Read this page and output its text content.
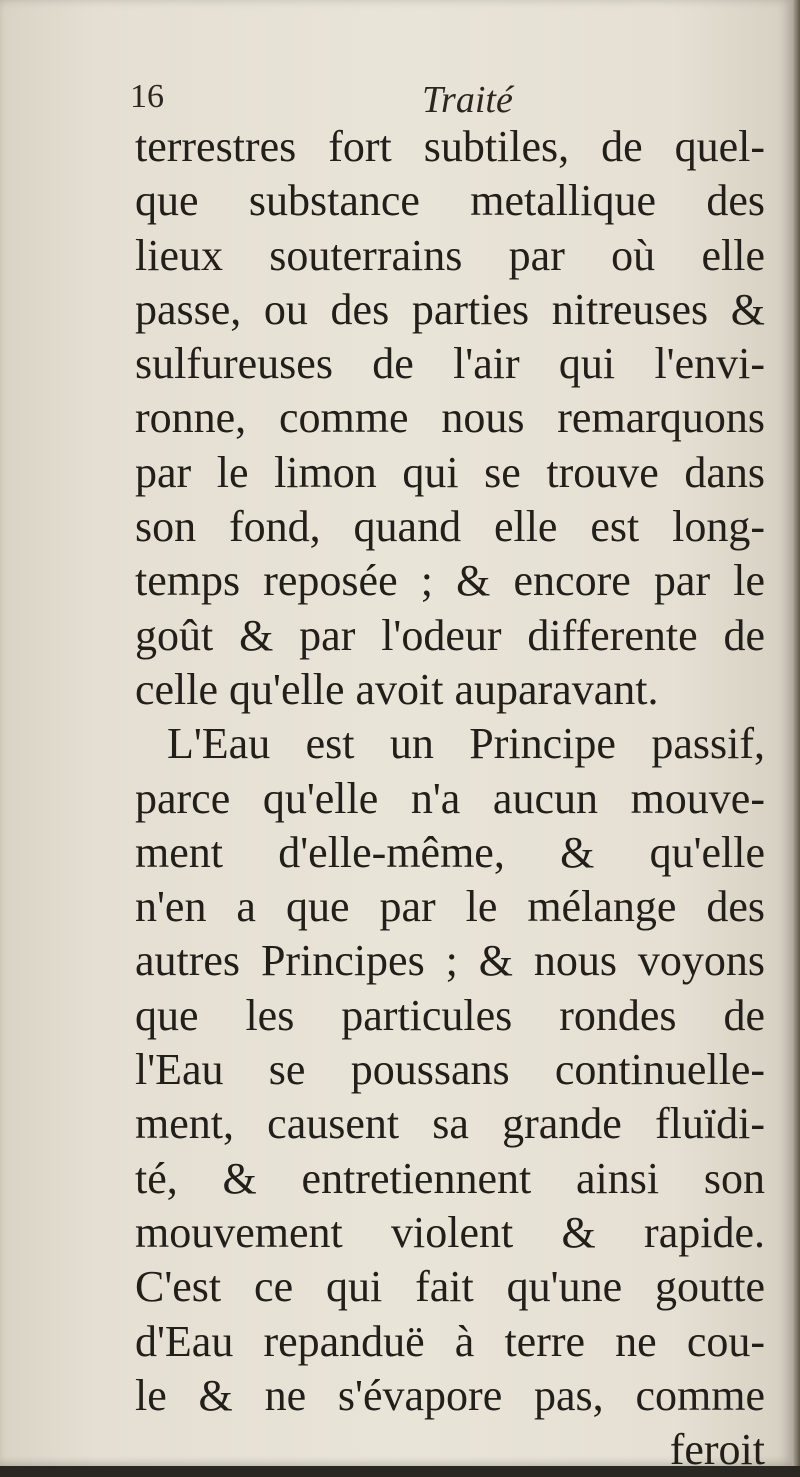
16	Traité
terrestres fort subtiles, de quel-
que substance metallique des
lieux souterrains par où elle
passe, ou des parties nitreuses &
sulfureuses de l'air qui l'envi-
ronne, comme nous remarquons
par le limon qui se trouve dans
son fond, quand elle est long-
temps reposée ; & encore par le
goût & par l'odeur differente de
celle qu'elle avoit auparavant.
L'Eau est un Principe passif,
parce qu'elle n'a aucun mouve-
ment d'elle-même, & qu'elle
n'en a que par le mélange des
autres Principes ; & nous voyons
que les particules rondes de
l'Eau se poussans continuelle-
ment, causent sa grande fluïdi-
té, & entretiennent ainsi son
mouvement violent & rapide.
C'est ce qui fait qu'une goutte
d'Eau repanduë à terre ne cou-
le & ne s'évapore pas, comme
feroit
